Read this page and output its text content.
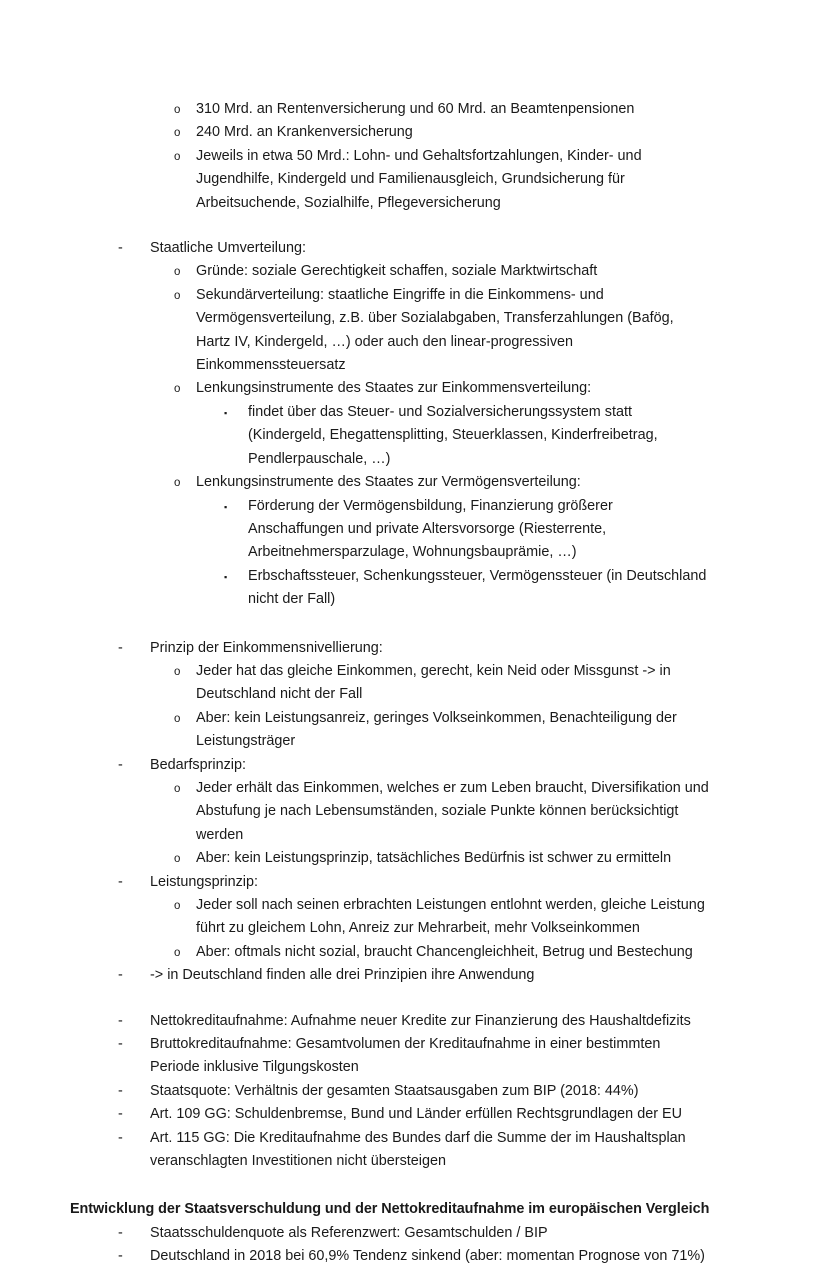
o 310 Mrd. an Rentenversicherung und 60 Mrd. an Beamtenpensionen
o 240 Mrd. an Krankenversicherung
o Jeweils in etwa 50 Mrd.: Lohn- und Gehaltsfortzahlungen, Kinder- und Jugendhilfe, Kindergeld und Familienausgleich, Grundsicherung für Arbeitsuchende, Sozialhilfe, Pflegeversicherung
- Staatliche Umverteilung:
o Gründe: soziale Gerechtigkeit schaffen, soziale Marktwirtschaft
o Sekundärverteilung: staatliche Eingriffe in die Einkommens- und Vermögensverteilung, z.B. über Sozialabgaben, Transferzahlungen (Bafög, Hartz IV, Kindergeld, …) oder auch den linear-progressiven Einkommenssteuersatz
o Lenkungsinstrumente des Staates zur Einkommensverteilung:
▪ findet über das Steuer- und Sozialversicherungssystem statt (Kindergeld, Ehegattensplitting, Steuerklassen, Kinderfreibetrag, Pendlerpauschale, …)
o Lenkungsinstrumente des Staates zur Vermögensverteilung:
▪ Förderung der Vermögensbildung, Finanzierung größerer Anschaffungen und private Altersvorsorge (Riesterrente, Arbeitnehmersparzulage, Wohnungsbauprämie, …)
▪ Erbschaftssteuer, Schenkungssteuer, Vermögenssteuer (in Deutschland nicht der Fall)
- Prinzip der Einkommensnivellierung:
o Jeder hat das gleiche Einkommen, gerecht, kein Neid oder Missgunst -> in Deutschland nicht der Fall
o Aber: kein Leistungsanreiz, geringes Volkseinkommen, Benachteiligung der Leistungsträger
- Bedarfsprinzip:
o Jeder erhält das Einkommen, welches er zum Leben braucht, Diversifikation und Abstufung je nach Lebensumständen, soziale Punkte können berücksichtigt werden
o Aber: kein Leistungsprinzip, tatsächliches Bedürfnis ist schwer zu ermitteln
- Leistungsprinzip:
o Jeder soll nach seinen erbrachten Leistungen entlohnt werden, gleiche Leistung führt zu gleichem Lohn, Anreiz zur Mehrarbeit, mehr Volkseinkommen
o Aber: oftmals nicht sozial, braucht Chancengleichheit, Betrug und Bestechung
- -> in Deutschland finden alle drei Prinzipien ihre Anwendung
- Nettokreditaufnahme: Aufnahme neuer Kredite zur Finanzierung des Haushaltdefizits
- Bruttokreditaufnahme: Gesamtvolumen der Kreditaufnahme in einer bestimmten Periode inklusive Tilgungskosten
- Staatsquote: Verhältnis der gesamten Staatsausgaben zum BIP (2018: 44%)
- Art. 109 GG: Schuldenbremse, Bund und Länder erfüllen Rechtsgrundlagen der EU
- Art. 115 GG: Die Kreditaufnahme des Bundes darf die Summe der im Haushaltsplan veranschlagten Investitionen nicht übersteigen
Entwicklung der Staatsverschuldung und der Nettokreditaufnahme im europäischen Vergleich
- Staatsschuldenquote als Referenzwert: Gesamtschulden / BIP
- Deutschland in 2018 bei 60,9% Tendenz sinkend (aber: momentan Prognose von 71%)
